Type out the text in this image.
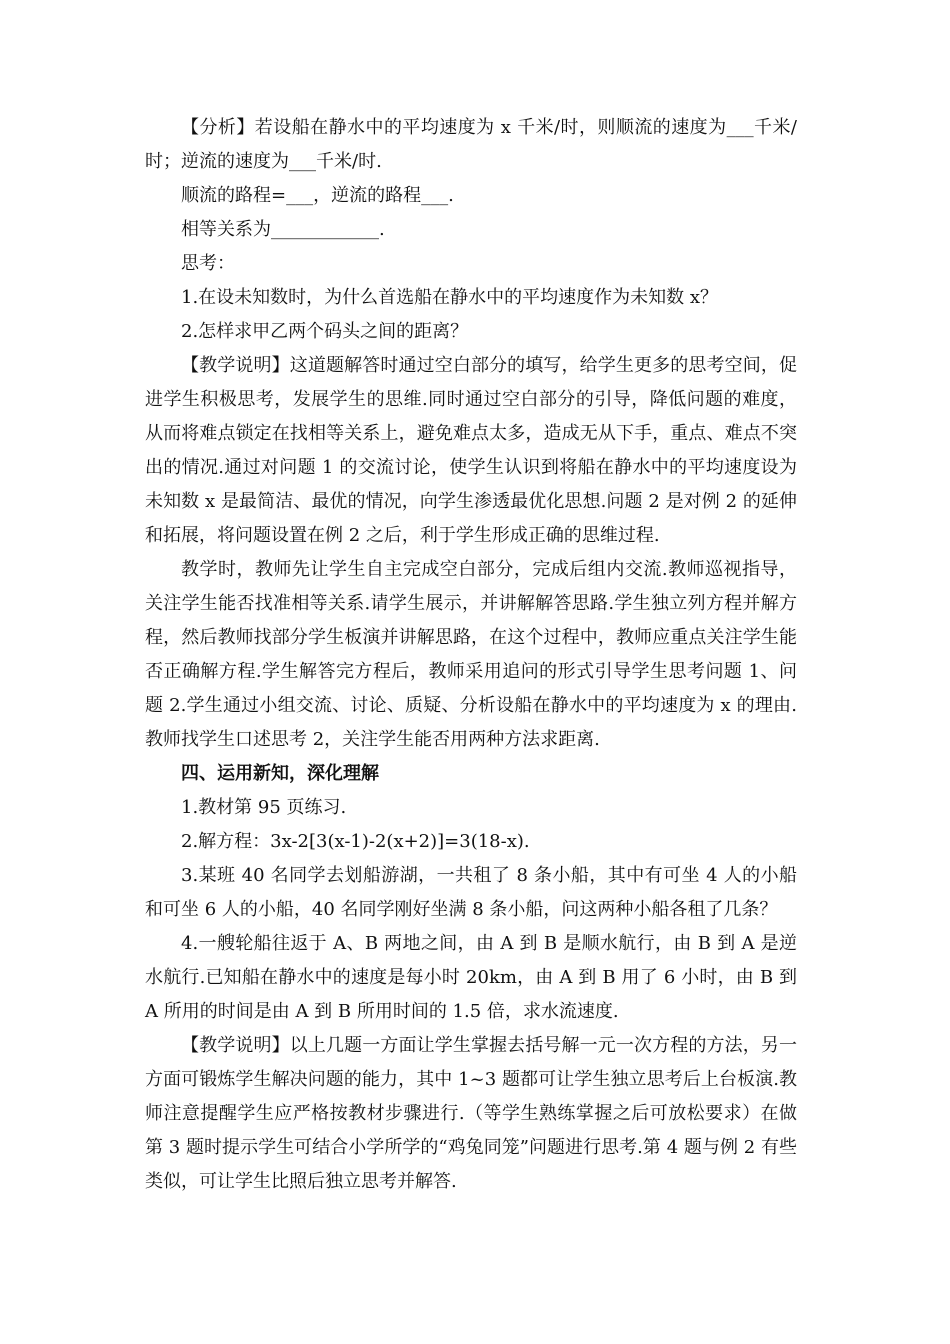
【分析】若设船在静水中的平均速度为 x 千米/时，则顺流的速度为___千米/时；逆流的速度为___千米/时.

顺流的路程=___，逆流的路程___.

相等关系为____________.

思考：

1.在设未知数时，为什么首选船在静水中的平均速度作为未知数 x？

2.怎样求甲乙两个码头之间的距离？

【教学说明】这道题解答时通过空白部分的填写，给学生更多的思考空间，促进学生积极思考，发展学生的思维.同时通过空白部分的引导，降低问题的难度，从而将难点锁定在找相等关系上，避免难点太多，造成无从下手，重点、难点不突出的情况.通过对问题 1 的交流讨论，使学生认识到将船在静水中的平均速度设为未知数 x 是最简洁、最优的情况，向学生渗透最优化思想.问题 2 是对例 2 的延伸和拓展，将问题设置在例 2 之后，利于学生形成正确的思维过程.

教学时，教师先让学生自主完成空白部分，完成后组内交流.教师巡视指导，关注学生能否找准相等关系.请学生展示，并讲解解答思路.学生独立列方程并解方程，然后教师找部分学生板演并讲解思路，在这个过程中，教师应重点关注学生能否正确解方程.学生解答完方程后，教师采用追问的形式引导学生思考问题 1、问题 2.学生通过小组交流、讨论、质疑、分析设船在静水中的平均速度为 x 的理由.教师找学生口述思考 2，关注学生能否用两种方法求距离.

四、运用新知，深化理解

1.教材第 95 页练习.

2.解方程：3x-2[3(x-1)-2(x+2)]=3(18-x).

3.某班 40 名同学去划船游湖，一共租了 8 条小船，其中有可坐 4 人的小船和可坐 6 人的小船，40 名同学刚好坐满 8 条小船，问这两种小船各租了几条？

4.一艘轮船往返于 A、B 两地之间，由 A 到 B 是顺水航行，由 B 到 A 是逆水航行.已知船在静水中的速度是每小时 20km，由 A 到 B 用了 6 小时，由 B 到 A 所用的时间是由 A 到 B 所用时间的 1.5 倍，求水流速度.

【教学说明】以上几题一方面让学生掌握去括号解一元一次方程的方法，另一方面可锻炼学生解决问题的能力，其中 1~3 题都可让学生独立思考后上台板演.教师注意提醒学生应严格按教材步骤进行.（等学生熟练掌握之后可放松要求）在做第 3 题时提示学生可结合小学所学的“鸡兔同笼”问题进行思考.第 4 题与例 2 有些类似，可让学生比照后独立思考并解答.
